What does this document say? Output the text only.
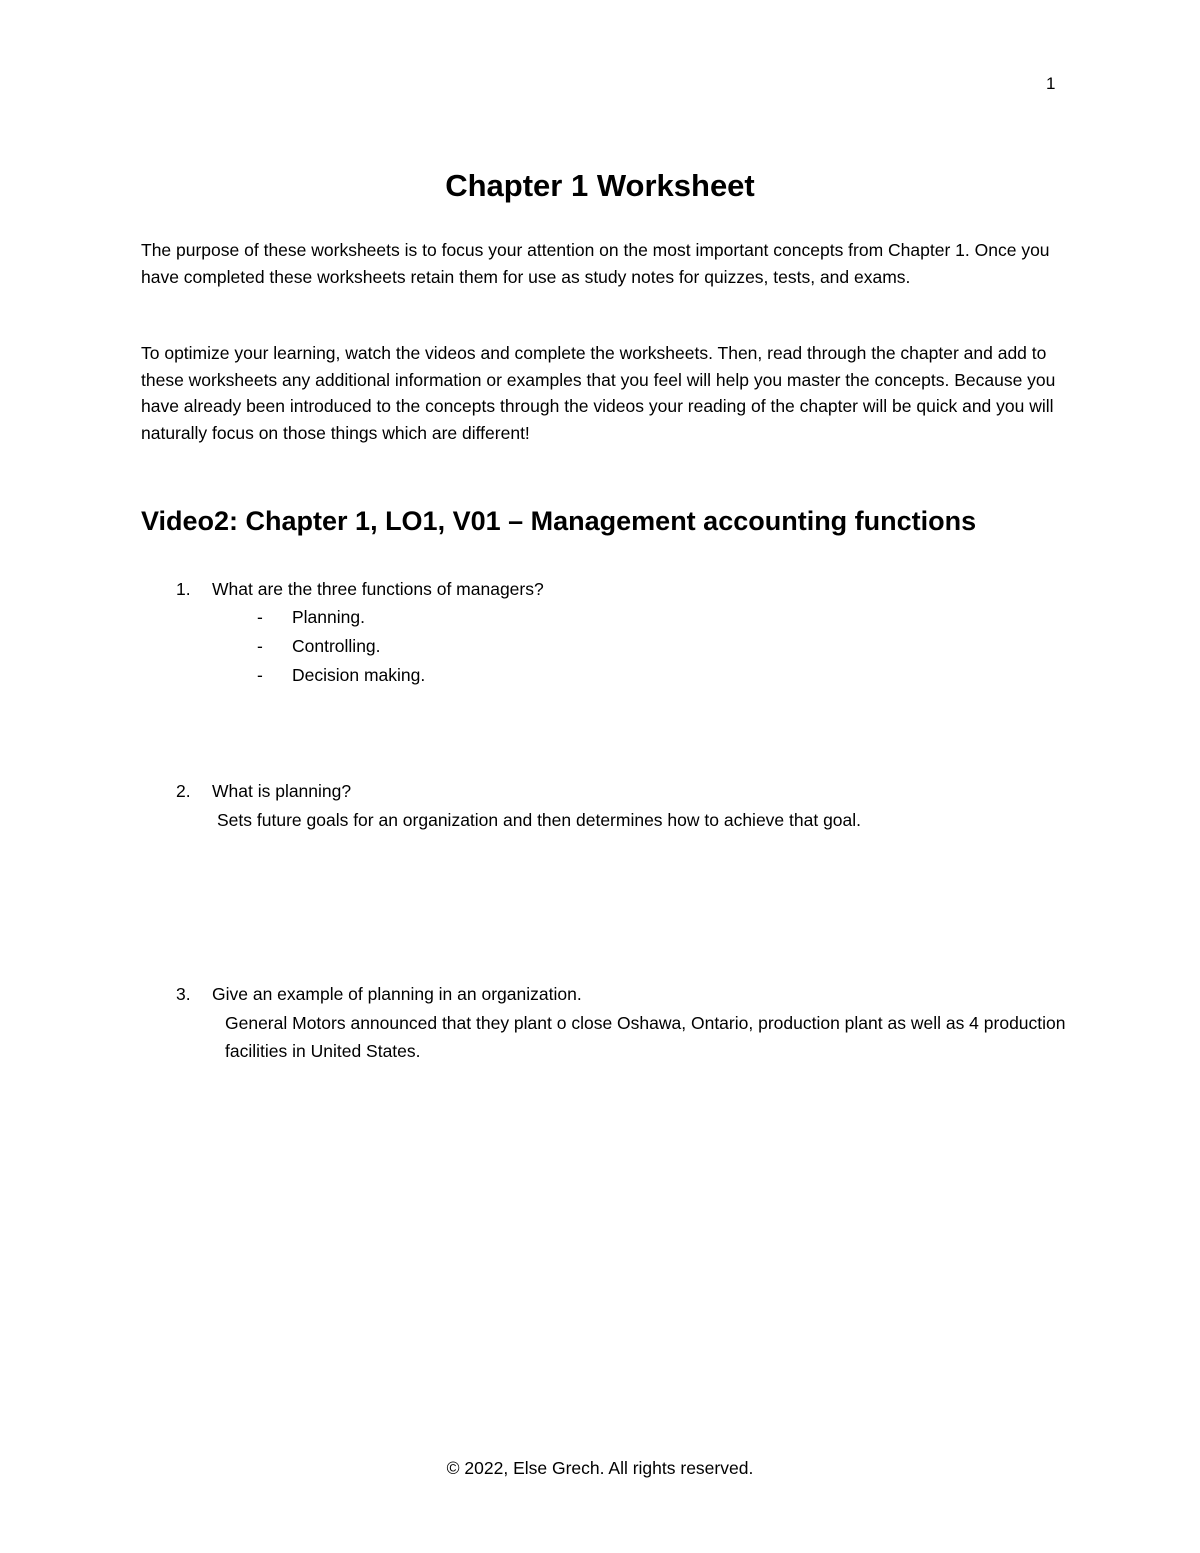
1
Chapter 1 Worksheet

The purpose of these worksheets is to focus your attention on the most important concepts from Chapter 1. Once you have completed these worksheets retain them for use as study notes for quizzes, tests, and exams.

To optimize your learning, watch the videos and complete the worksheets. Then, read through the chapter and add to these worksheets any additional information or examples that you feel will help you master the concepts. Because you have already been introduced to the concepts through the videos your reading of the chapter will be quick and you will naturally focus on those things which are different!

Video2: Chapter 1, LO1, V01 – Management accounting functions
1. What are the three functions of managers?
- Planning.
- Controlling.
- Decision making.
2. What is planning?

Sets future goals for an organization and then determines how to achieve that goal.

3. Give an example of planning in an organization.

General Motors announced that they plant o close Oshawa, Ontario, production plant as well as 4 production facilities in United States.

© 2022, Else Grech. All rights reserved.
